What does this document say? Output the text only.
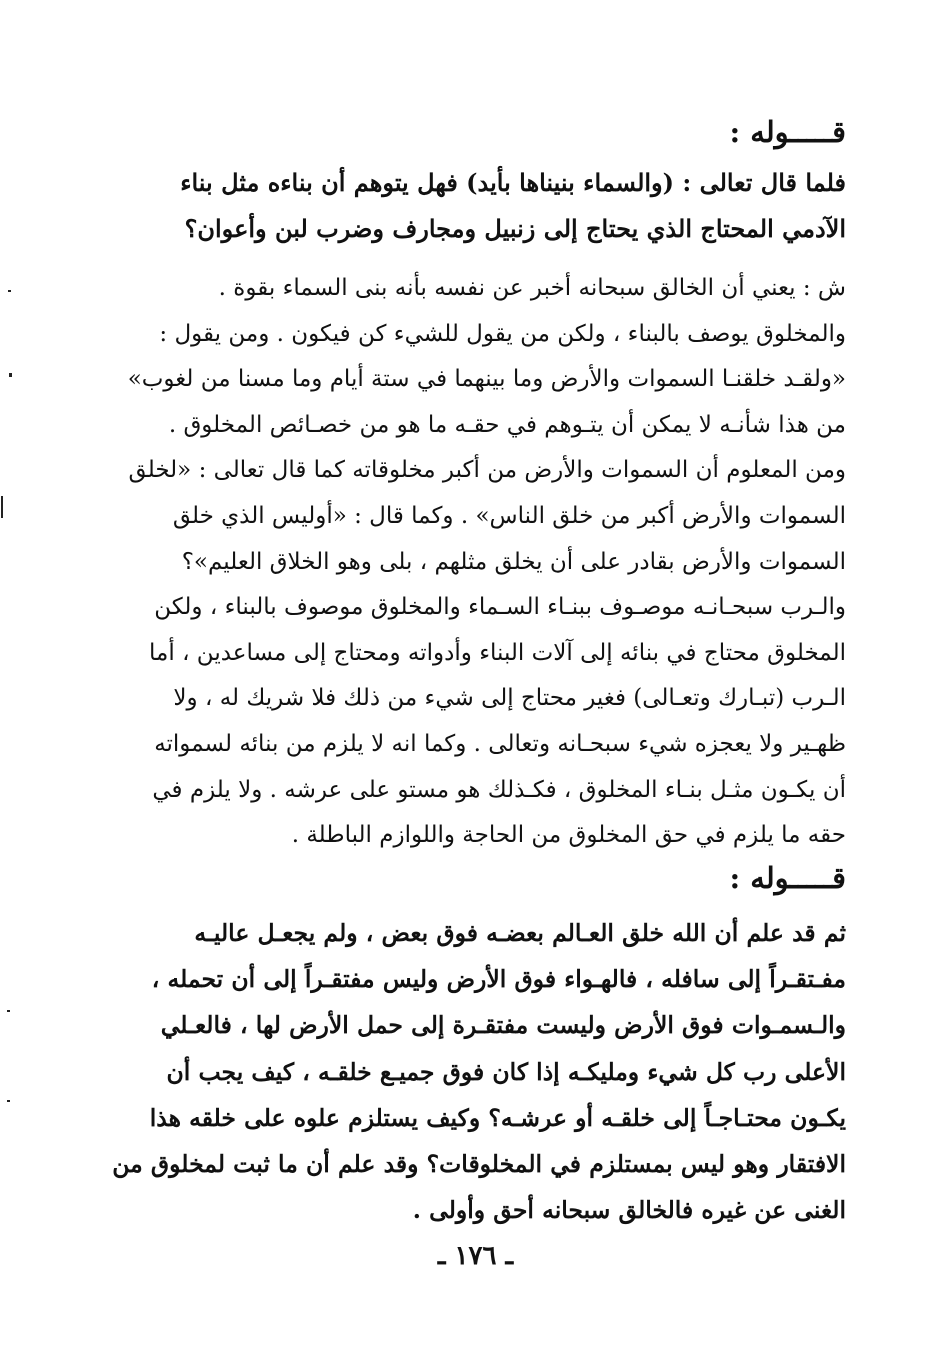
قـــــوله :
فلما قال تعالى : (والسماء بنيناها بأيد) فهل يتوهم أن بناءه مثل بناء
الآدمي المحتاج الذي يحتاج إلى زنبيل ومجارف وضرب لبن وأعوان؟
ش : يعني أن الخالق سبحانه أخبر عن نفسه بأنه بنى السماء بقوة .
والمخلوق يوصف بالبناء ، ولكن من يقول للشيء كن فيكون . ومن يقول :
«ولقـد خلقنـا السموات والأرض وما بينهما في ستة أيام وما مسنا من لغوب»
من هذا شأنـه لا يمكن أن يتـوهم في حقـه ما هو من خصـائص المخلوق .
ومن المعلوم أن السموات والأرض من أكبر مخلوقاته كما قال تعالى : «لخلق
السموات والأرض أكبر من خلق الناس» . وكما قال : «أوليس الذي خلق
السموات والأرض بقادر على أن يخلق مثلهم ، بلى وهو الخلاق العليم»؟
والـرب سبحـانـه موصـوف ببنـاء السـماء والمخلوق موصوف بالبناء ، ولكن
المخلوق محتاج في بنائه إلى آلات البناء وأدواته ومحتاج إلى مساعدين ، أما
الـرب (تبـارك وتعـالى) فغير محتاج إلى شيء من ذلك فلا شريك له ، ولا
ظهـير ولا يعجزه شيء سبحـانه وتعالى . وكما انه لا يلزم من بنائه لسمواته
أن يكـون مثـل بنـاء المخلوق ، فكـذلك هو مستو على عرشه . ولا يلزم في
حقه ما يلزم في حق المخلوق من الحاجة واللوازم الباطلة .
قـــــوله :
ثم قد علم أن الله خلق العـالم بعضـه فوق بعض ، ولم يجعـل عاليـه
مفـتقـراً إلى سافله ، فالهـواء فوق الأرض وليس مفتقـراً إلى أن تحمله ،
والـسمـوات فوق الأرض وليست مفتقـرة إلى حمل الأرض لها ، فالعـلي
الأعلى رب كل شيء ومليكـه إذا كان فوق جميـع خلقـه ، كيف يجب أن
يكـون محتـاجـاً إلى خلقـه أو عرشـه؟ وكيف يستلزم علوه على خلقه هذا
الافتقار وهو ليس بمستلزم في المخلوقات؟ وقد علم أن ما ثبت لمخلوق من
الغنى عن غيره فالخالق سبحانه أحق وأولى .
ـ ١٧٦ ـ
